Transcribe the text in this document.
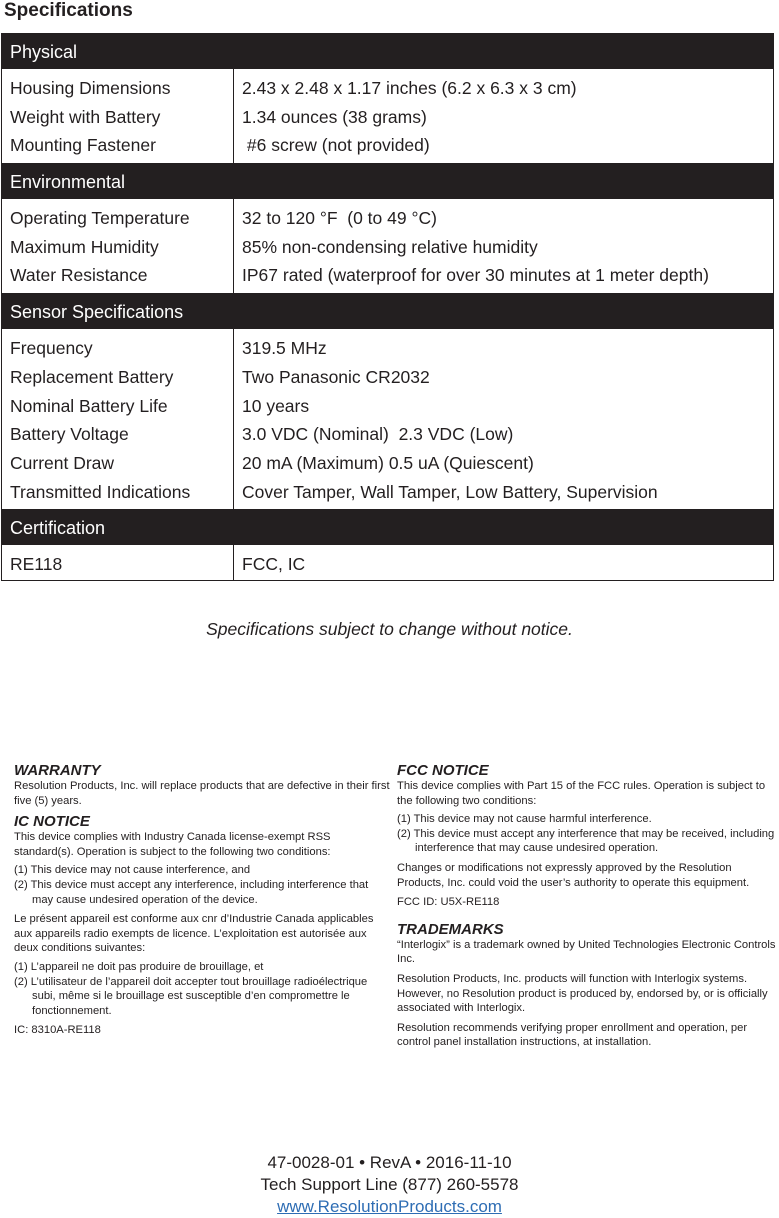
Specifications
Physical
Housing Dimensions	2.43 x 2.48 x 1.17 inches (6.2 x 6.3 x 3 cm)
Weight with Battery	1.34 ounces (38 grams)
Mounting Fastener	#6 screw (not provided)
Environmental
Operating Temperature	32 to 120 °F  (0 to 49 °C)
Maximum Humidity	85% non-condensing relative humidity
Water Resistance	IP67 rated (waterproof for over 30 minutes at 1 meter depth)
Sensor Specifications
Frequency	319.5 MHz
Replacement Battery	Two Panasonic CR2032
Nominal Battery Life	10 years
Battery Voltage	3.0 VDC (Nominal)  2.3 VDC (Low)
Current Draw	20 mA (Maximum) 0.5 uA (Quiescent)
Transmitted Indications	Cover Tamper, Wall Tamper, Low Battery, Supervision
Certification
RE118	FCC, IC
Specifications subject to change without notice.
WARRANTY

Resolution Products, Inc. will replace products that are defective in their first five (5) years.

IC NOTICE

This device complies with Industry Canada license-exempt RSS standard(s). Operation is subject to the following two conditions:

(1) This device may not cause interference, and

(2) This device must accept any interference, including interference that may cause undesired operation of the device.

Le présent appareil est conforme aux cnr d’Industrie Canada applicables aux appareils radio exempts de licence. L’exploitation est autorisée aux deux conditions suivantes:

(1) L’appareil ne doit pas produire de brouillage, et

(2) L’utilisateur de l’appareil doit accepter tout brouillage radioélectrique subi, même si le brouillage est susceptible d’en compromettre le fonctionnement.

IC: 8310A-RE118

FCC NOTICE

This device complies with Part 15 of the FCC rules. Operation is subject to the following two conditions:

(1) This device may not cause harmful interference.

(2) This device must accept any interference that may be received, including interference that may cause undesired operation.

Changes or modifications not expressly approved by the Resolution Products, Inc. could void the user’s authority to operate this equipment.

FCC ID: U5X-RE118

TRADEMARKS

“Interlogix” is a trademark owned by United Technologies Electronic Controls Inc.

Resolution Products, Inc. products will function with Interlogix systems. However, no Resolution product is produced by, endorsed by, or is officially associated with Interlogix.

Resolution recommends verifying proper enrollment and operation, per control panel installation instructions, at installation.

47-0028-01 • RevA • 2016-11-10
Tech Support Line (877) 260-5578
www.ResolutionProducts.com
